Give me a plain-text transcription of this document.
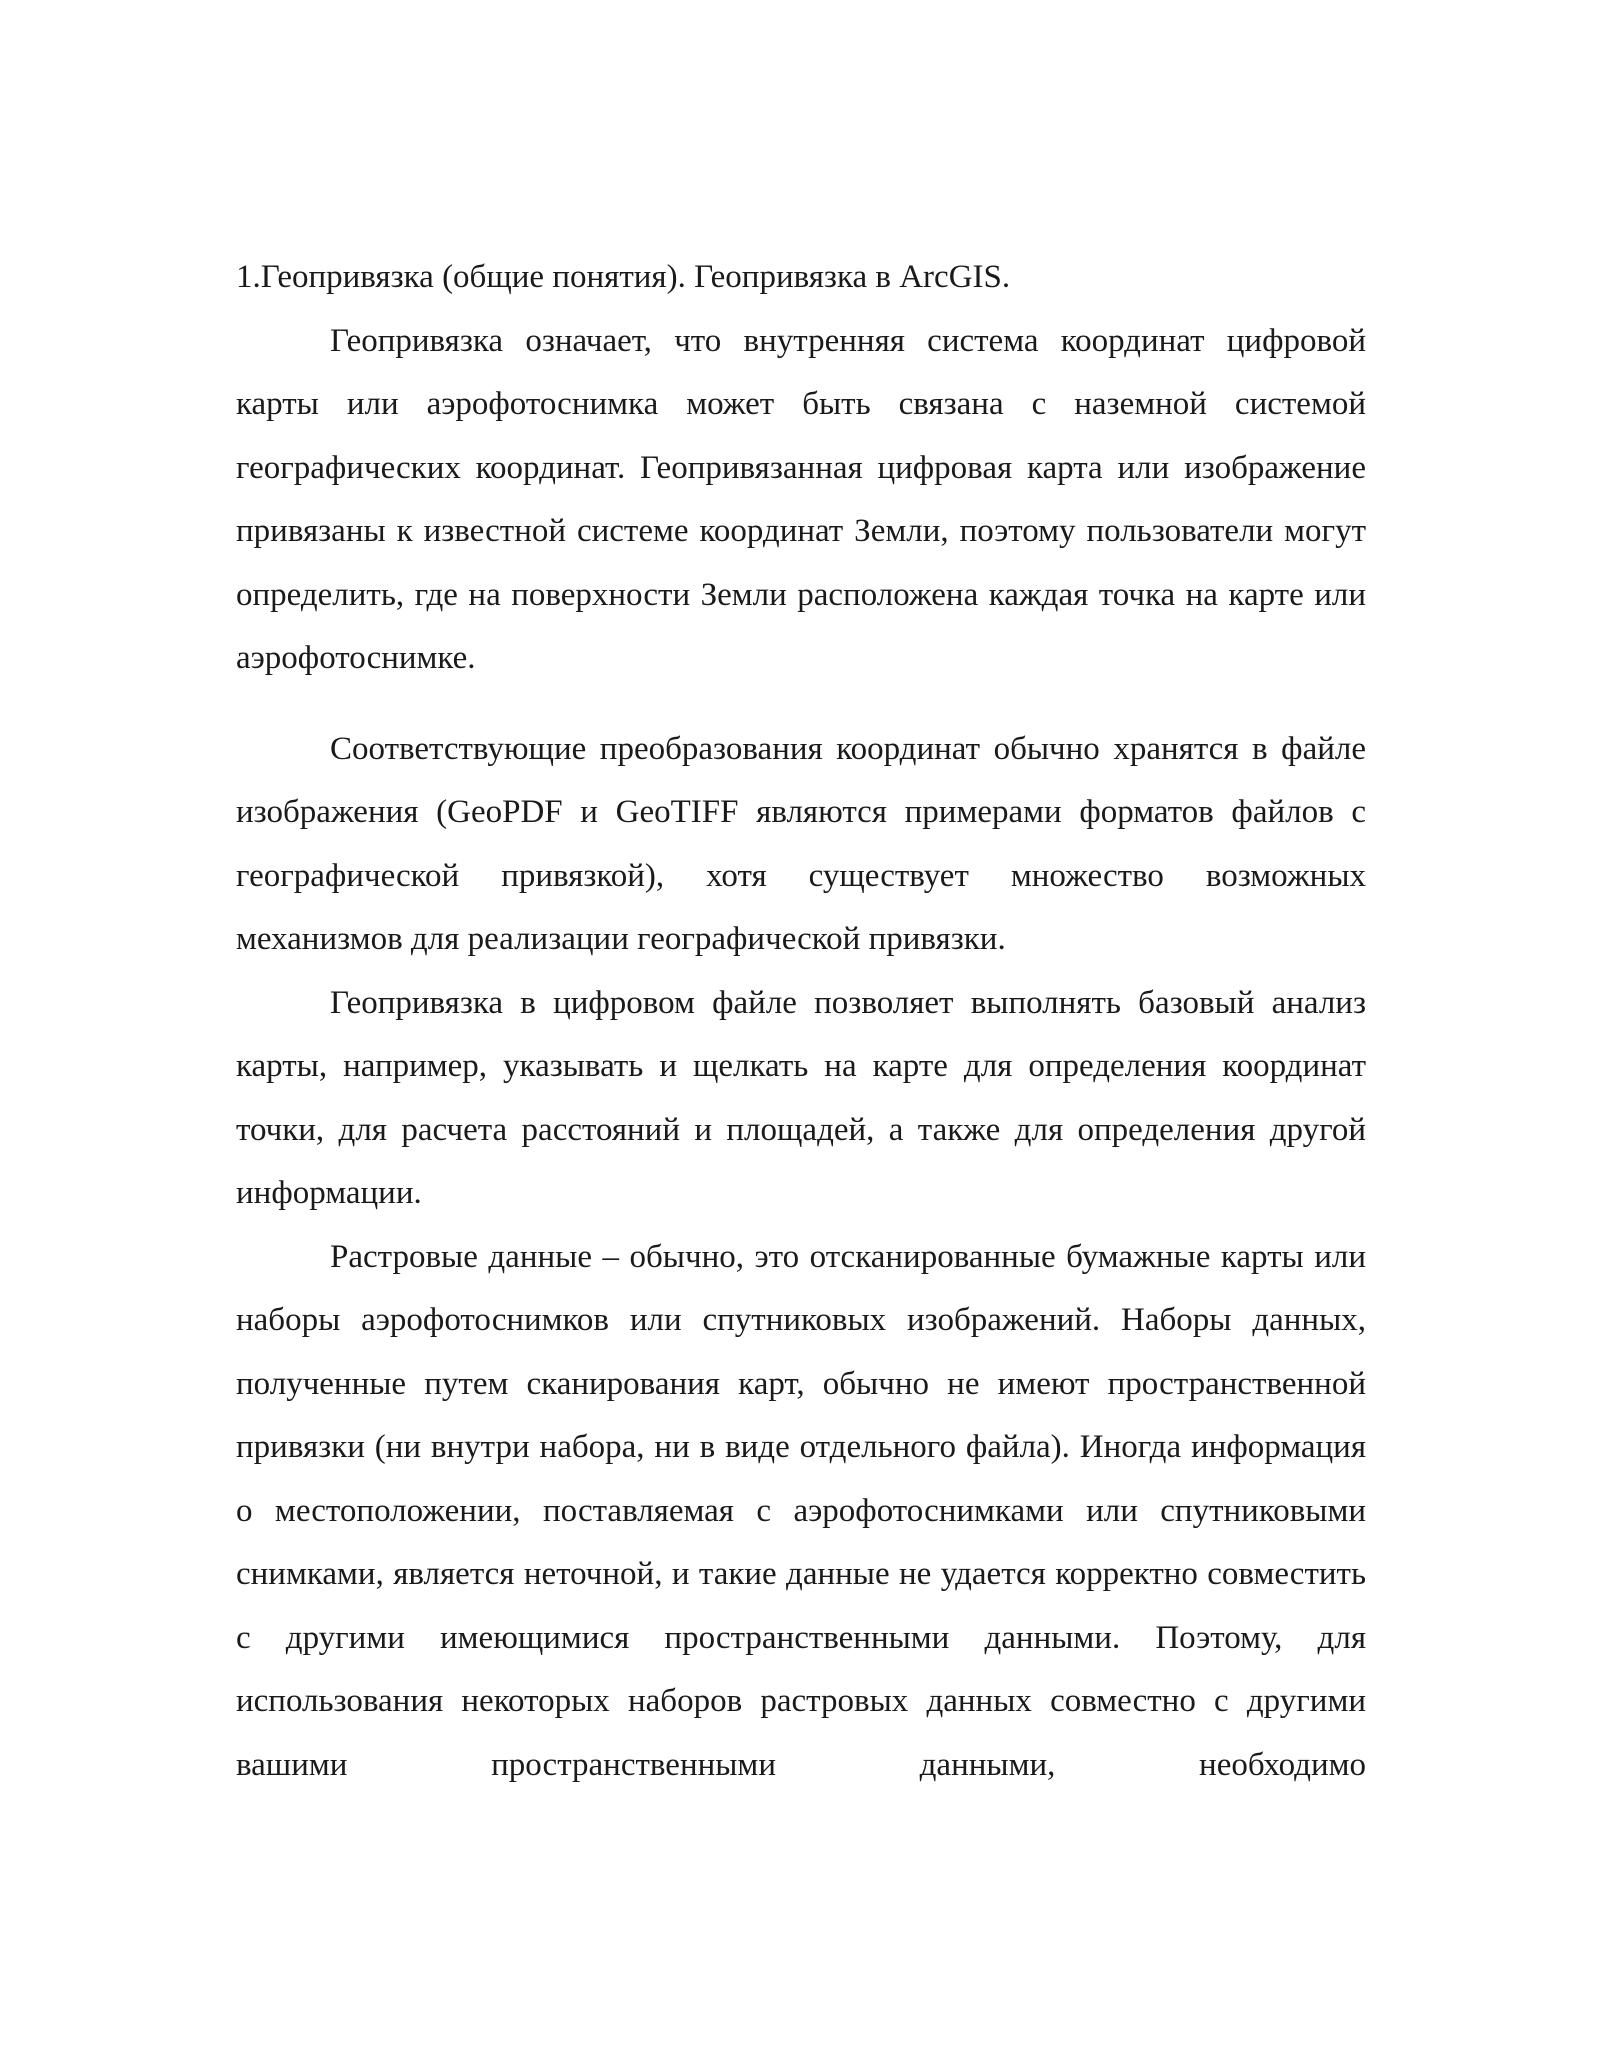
1.Геопривязка (общие понятия). Геопривязка в ArcGIS.

Геопривязка означает, что внутренняя система координат цифровой карты или аэрофотоснимка может быть связана с наземной системой географических координат. Геопривязанная цифровая карта или изображение привязаны к известной системе координат Земли, поэтому пользователи могут определить, где на поверхности Земли расположена каждая точка на карте или аэрофотоснимке.

Соответствующие преобразования координат обычно хранятся в файле изображения (GeoPDF и GeoTIFF являются примерами форматов файлов с географической привязкой), хотя существует множество возможных механизмов для реализации географической привязки.

Геопривязка в цифровом файле позволяет выполнять базовый анализ карты, например, указывать и щелкать на карте для определения координат точки, для расчета расстояний и площадей, а также для определения другой информации.

Растровые данные – обычно, это отсканированные бумажные карты или наборы аэрофотоснимков или спутниковых изображений. Наборы данных, полученные путем сканирования карт, обычно не имеют пространственной привязки (ни внутри набора, ни в виде отдельного файла). Иногда информация о местоположении, поставляемая с аэрофотоснимками или спутниковыми снимками, является неточной, и такие данные не удается корректно совместить с другими имеющимися пространственными данными. Поэтому, для использования некоторых наборов растровых данных совместно с другими вашими пространственными данными, необходимо
